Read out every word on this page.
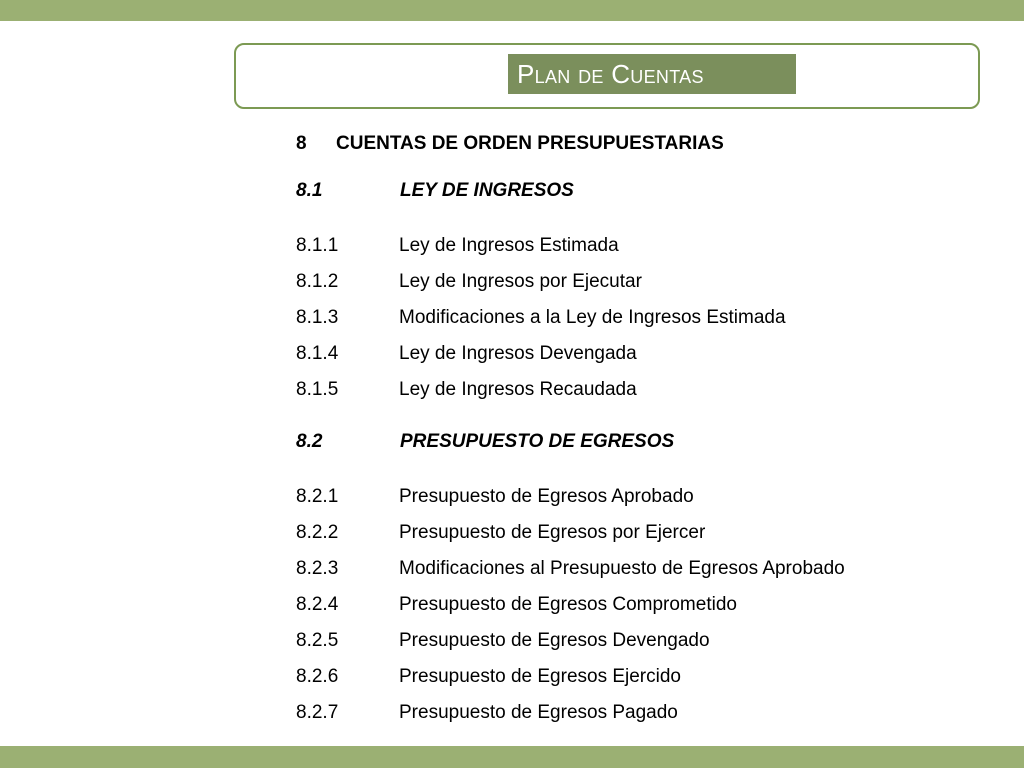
Plan de Cuentas
8 CUENTAS DE ORDEN PRESUPUESTARIAS
8.1	LEY DE INGRESOS
8.1.1	Ley de Ingresos Estimada
8.1.2	Ley de Ingresos por Ejecutar
8.1.3	Modificaciones a la Ley de Ingresos Estimada
8.1.4	Ley de Ingresos Devengada
8.1.5	Ley de Ingresos Recaudada
8.2	PRESUPUESTO DE EGRESOS
8.2.1	Presupuesto de Egresos Aprobado
8.2.2	Presupuesto de Egresos por Ejercer
8.2.3	Modificaciones al Presupuesto de Egresos Aprobado
8.2.4	Presupuesto de Egresos Comprometido
8.2.5	Presupuesto de Egresos Devengado
8.2.6	Presupuesto de Egresos Ejercido
8.2.7	Presupuesto de Egresos Pagado
